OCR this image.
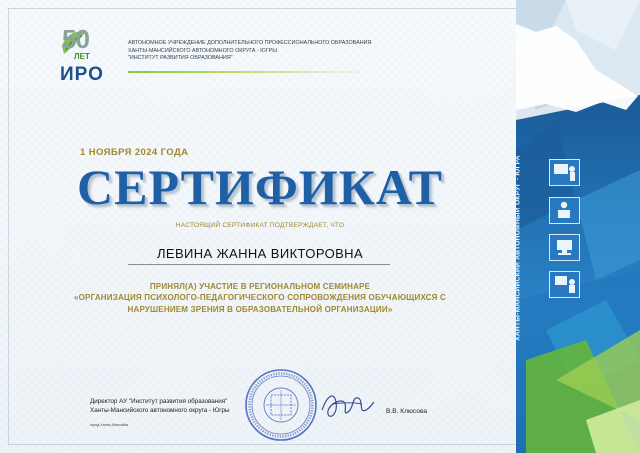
50
ЛЕТ
ИРО
АВТОНОМНОЕ УЧРЕЖДЕНИЕ ДОПОЛНИТЕЛЬНОГО ПРОФЕССИОНАЛЬНОГО ОБРАЗОВАНИЯ
ХАНТЫ-МАНСИЙСКОГО АВТОНОМНОГО ОКРУГА - ЮГРЫ
"ИНСТИТУТ РАЗВИТИЯ ОБРАЗОВАНИЯ"
1 НОЯБРЯ 2024 ГОДА
СЕРТИФИКАТ
НАСТОЯЩИЙ СЕРТИФИКАТ ПОДТВЕРЖДАЕТ, ЧТО
ЛЕВИНА ЖАННА ВИКТОРОВНА
ПРИНЯЛ(А) УЧАСТИЕ В РЕГИОНАЛЬНОМ СЕМИНАРЕ
«ОРГАНИЗАЦИЯ ПСИХОЛОГО-ПЕДАГОГИЧЕСКОГО СОПРОВОЖДЕНИЯ ОБУЧАЮЩИХСЯ С
НАРУШЕНИЕМ ЗРЕНИЯ В ОБРАЗОВАТЕЛЬНОЙ ОРГАНИЗАЦИИ»
Директор АУ "Институт развития образования"
Ханты-Мансийского автономного округа - Югры
город Ханты-Мансийск
В.В. Клюсова
ХАНТЫ-МАНСИЙСКИЙ АВТОНОМНЫЙ ОКРУГ - ЮГРА
